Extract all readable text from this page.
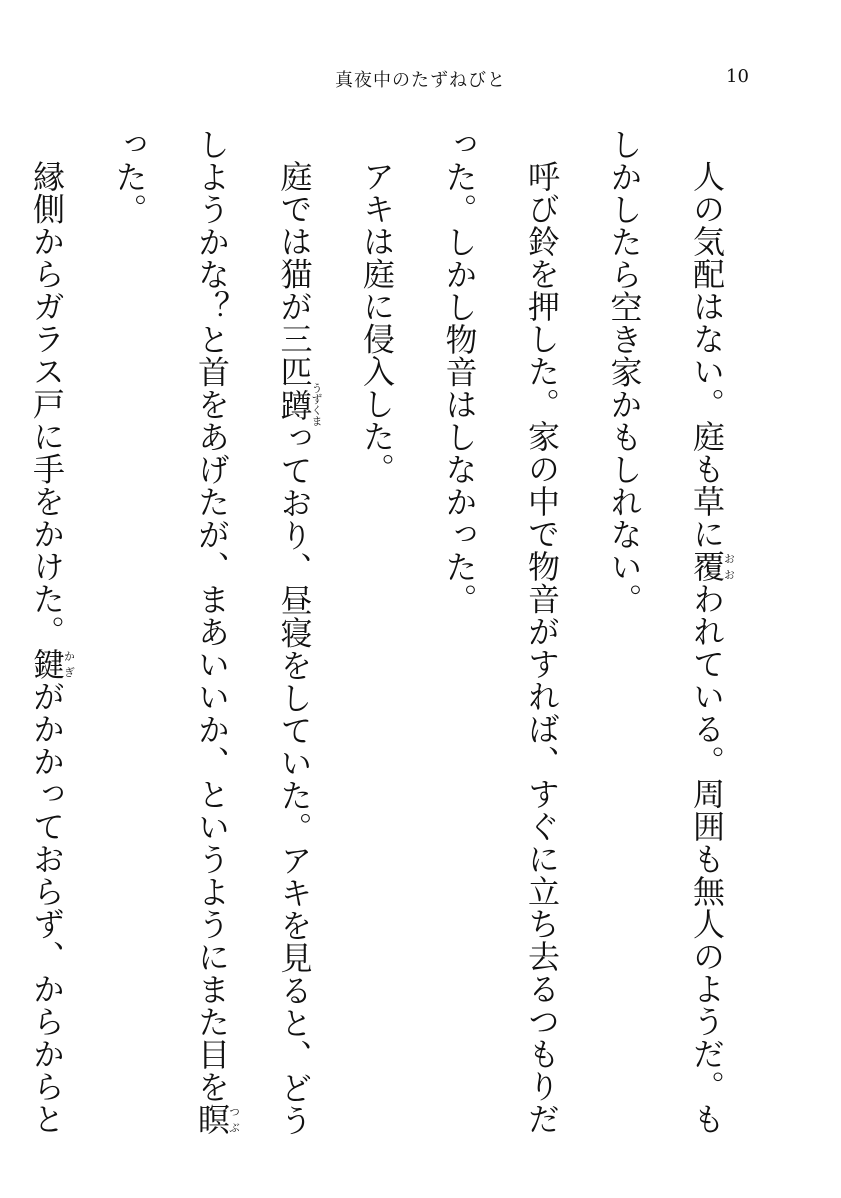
真夜中のたずねびと	10

人の気配はない。庭も草に覆おおわれている。周囲も無人のようだ。もしかしたら空き家かもしれない。

呼び鈴を押した。家の中で物音がすれば、すぐに立ち去るつもりだった。しかし物音はしなかった。

アキは庭に侵入した。

庭では猫が三匹蹲うずくまっており、昼寝をしていた。アキを見ると、どうしようかな？と首をあげたが、まあいいか、というようにまた目を瞑つぶった。

縁側からガラス戸に手をかけた。鍵かぎがかかっておらず、からからと
